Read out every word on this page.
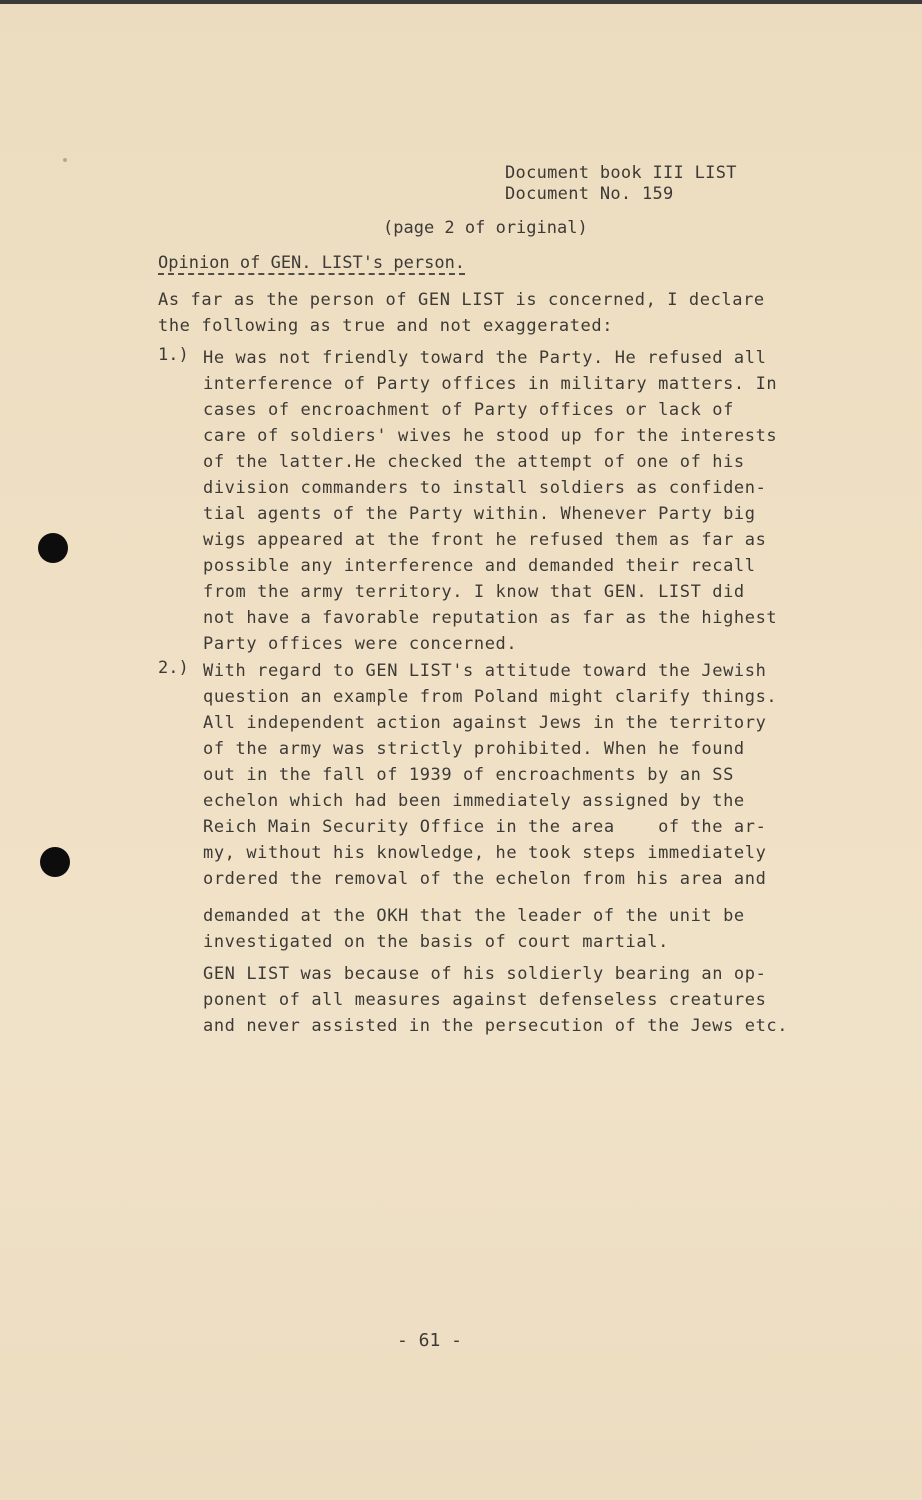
Document book III LIST
Document No. 159
(page 2 of original)
Opinion of GEN. LIST's person.
As far as the person of GEN LIST is concerned, I declare
the following as true and not exaggerated:
1.) He was not friendly toward the Party. He refused all
interference of Party offices in military matters. In
cases of encroachment of Party offices or lack of
care of soldiers' wives he stood up for the interests
of the latter.He checked the attempt of one of his
division commanders to install soldiers as confiden-
tial agents of the Party within. Whenever Party big
wigs appeared at the front he refused them as far as
possible any interference and demanded their recall
from the army territory. I know that GEN. LIST did
not have a favorable reputation as far as the highest
Party offices were concerned.
2.) With regard to GEN LIST's attitude toward the Jewish
question an example from Poland might clarify things.
All independent action against Jews in the territory
of the army was strictly prohibited. When he found
out in the fall of 1939 of encroachments by an SS
echelon which had been immediately assigned by the
Reich Main Security Office in the area    of the ar-
my, without his knowledge, he took steps immediately
ordered the removal of the echelon from his area and
demanded at the OKH that the leader of the unit be
investigated on the basis of court martial.
GEN LIST was because of his soldierly bearing an op-
ponent of all measures against defenseless creatures
and never assisted in the persecution of the Jews etc.
- 61 -
